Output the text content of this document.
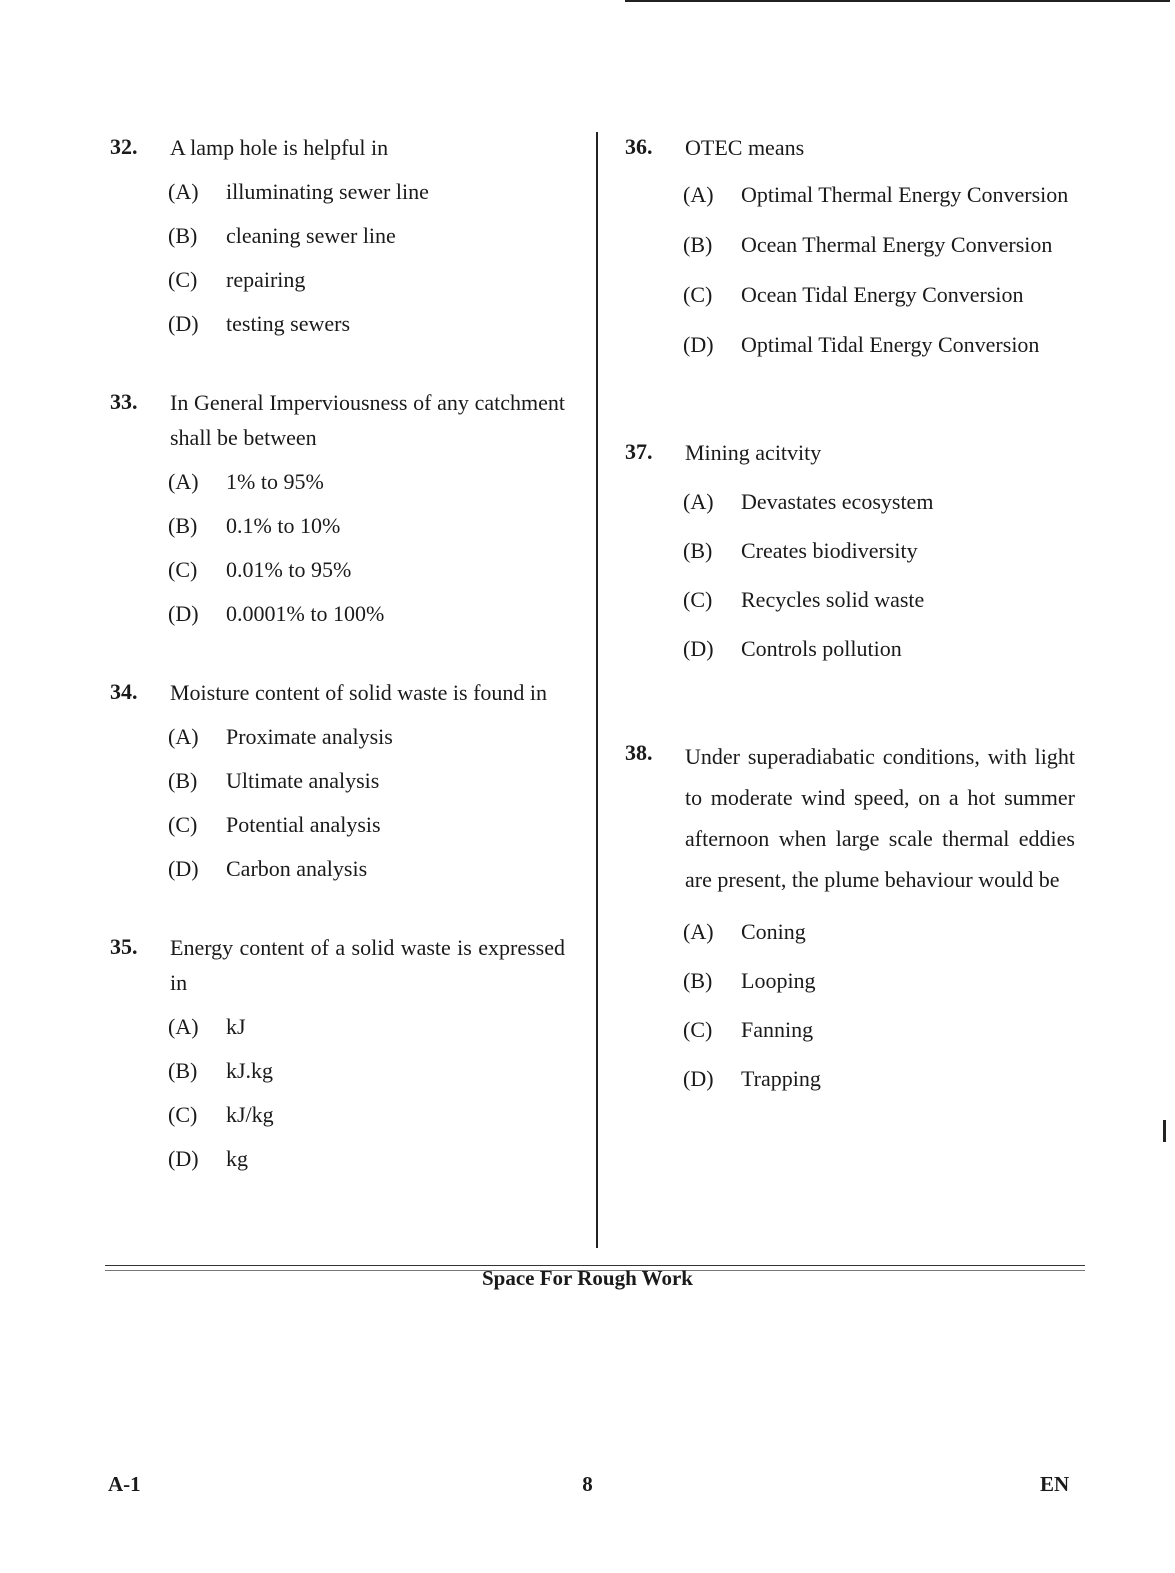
32.	A lamp hole is helpful in
(A)	illuminating sewer line
(B)	cleaning sewer line
(C)	repairing
(D)	testing sewers
33.	In General Imperviousness of any catchment shall be between
(A)	1% to 95%
(B)	0.1% to 10%
(C)	0.01% to 95%
(D)	0.0001% to 100%
34.	Moisture content of solid waste is found in
(A)	Proximate analysis
(B)	Ultimate analysis
(C)	Potential analysis
(D)	Carbon analysis
35.	Energy content of a solid waste is expressed in
(A)	kJ
(B)	kJ.kg
(C)	kJ/kg
(D)	kg
36.	OTEC means
(A)	Optimal Thermal Energy Conversion
(B)	Ocean Thermal Energy Conversion
(C)	Ocean Tidal Energy Conversion
(D)	Optimal Tidal Energy Conversion
37.	Mining acitvity
(A)	Devastates ecosystem
(B)	Creates biodiversity
(C)	Recycles solid waste
(D)	Controls pollution
38.	Under superadiabatic conditions, with light to moderate wind speed, on a hot summer afternoon when large scale thermal eddies are present, the plume behaviour would be
(A)	Coning
(B)	Looping
(C)	Fanning
(D)	Trapping
Space For Rough Work
A-1	8	EN
